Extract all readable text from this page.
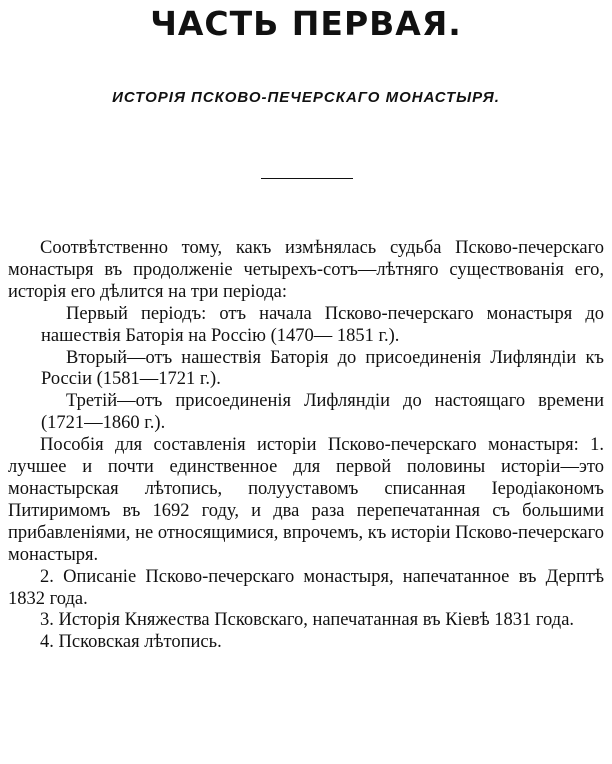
ЧАСТЬ ПЕРВАЯ.
ИСТОРІЯ ПСКОВО-ПЕЧЕРСКАГО МОНАСТЫРЯ.

Соотвѣтственно тому, какъ измѣнялась судьба Псково-печерскаго монастыря въ продолженіе четырехъ-сотъ—лѣтняго существованія его, исторія его дѣлится на три періода:

Первый періодъ: отъ начала Псково-печерскаго монастыря до нашествія Баторія на Россію (1470— 1851 г.).

Вторый—отъ нашествія Баторія до присоединенія Лифляндіи къ Россіи (1581—1721 г.).

Третій—отъ присоединенія Лифляндіи до настоящаго времени (1721—1860 г.).

Пособія для составленія исторіи Псково-печерскаго монастыря: 1. лучшее и почти единственное для первой половины исторіи—это монастырская лѣтопись, полууставомъ списанная Іеродіакономъ Питиримомъ въ 1692 году, и два раза перепечатанная съ большими прибавленіями, не относящимися, впрочемъ, къ исторіи Псково-печерскаго монастыря.

2. Описаніе Псково-печерскаго монастыря, напечатанное въ Дерптѣ 1832 года.

3. Исторія Княжества Псковскаго, напечатанная въ Кіевѣ 1831 года.

4. Псковская лѣтопись.
